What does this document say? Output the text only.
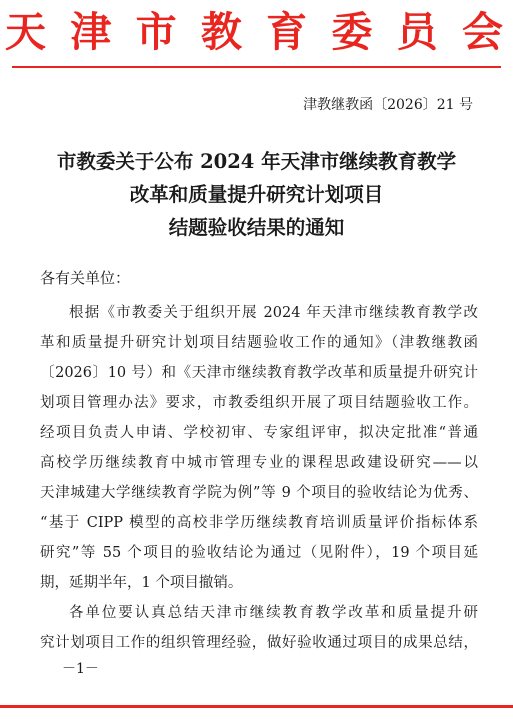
天 津 市 教 育 委 员 会
津教继教函〔2026〕21 号
市教委关于公布 2024 年天津市继续教育教学
改革和质量提升研究计划项目
结题验收结果的通知
各有关单位：
根据《市教委关于组织开展 2024 年天津市继续教育教学改
革和质量提升研究计划项目结题验收工作的通知》（津教继教函
〔2026〕10 号）和《天津市继续教育教学改革和质量提升研究计
划项目管理办法》要求，市教委组织开展了项目结题验收工作。
经项目负责人申请、学校初审、专家组评审，拟决定批准“普通
高校学历继续教育中城市管理专业的课程思政建设研究——以
天津城建大学继续教育学院为例”等 9 个项目的验收结论为优秀、
“基于 CIPP 模型的高校非学历继续教育培训质量评价指标体系
研究”等 55 个项目的验收结论为通过（见附件），19 个项目延
期，延期半年，1 个项目撤销。
各单位要认真总结天津市继续教育教学改革和质量提升研
究计划项目工作的组织管理经验，做好验收通过项目的成果总结，
－1－
